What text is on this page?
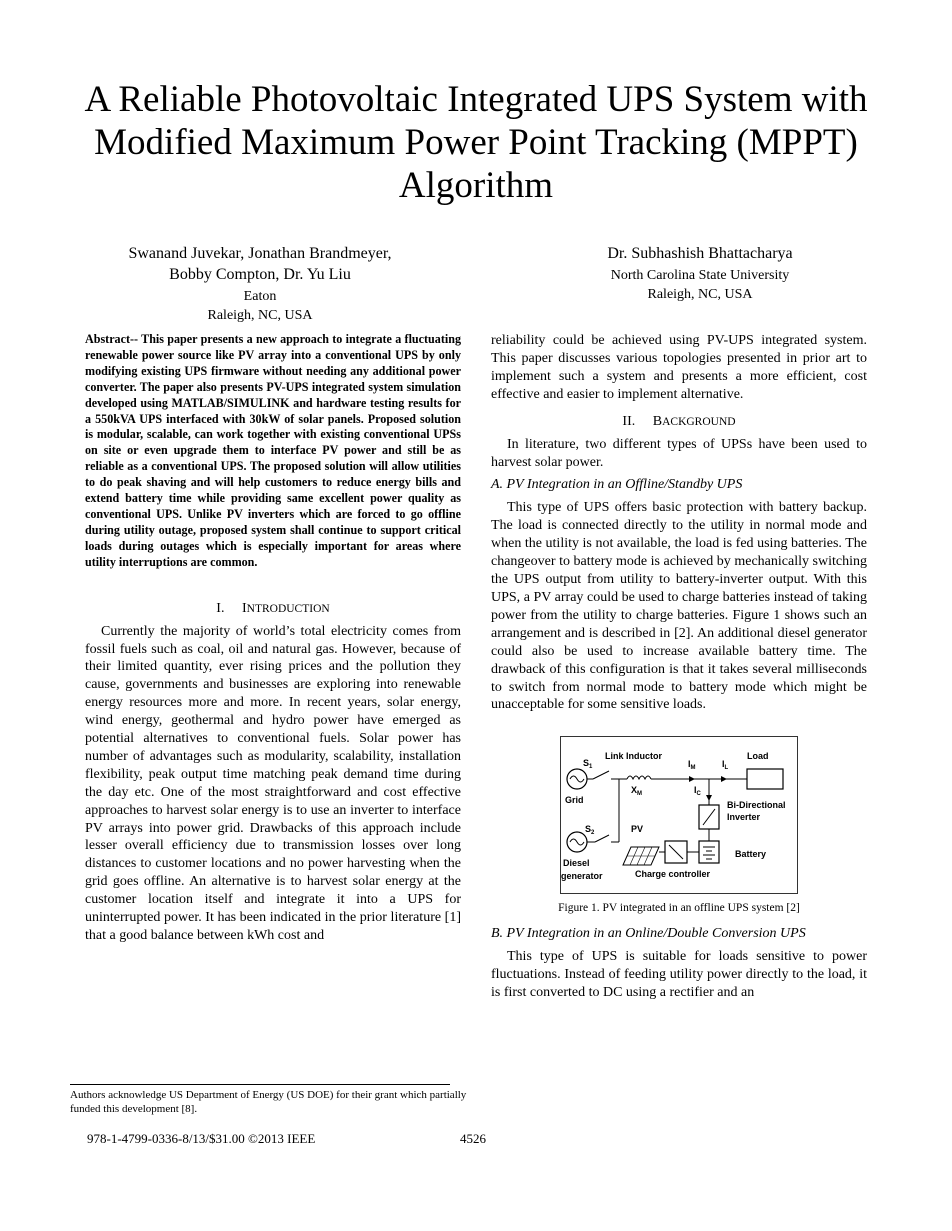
A Reliable Photovoltaic Integrated UPS System with
Modified Maximum Power Point Tracking (MPPT)
Algorithm
Swanand Juvekar, Jonathan Brandmeyer,
Bobby Compton, Dr. Yu Liu
Eaton
Raleigh, NC, USA
Dr. Subhashish Bhattacharya
North Carolina State University
Raleigh, NC, USA

Abstract-- This paper presents a new approach to integrate a fluctuating renewable power source like PV array into a conventional UPS by only modifying existing UPS firmware without needing any additional power converter. The paper also presents PV-UPS integrated system simulation developed using MATLAB/SIMULINK and hardware testing results for a 550kVA UPS interfaced with 30kW of solar panels. Proposed solution is modular, scalable, can work together with existing conventional UPSs on site or even upgrade them to interface PV power and still be as reliable as a conventional UPS. The proposed solution will allow utilities to do peak shaving and will help customers to reduce energy bills and extend battery time while providing same excellent power quality as conventional UPS. Unlike PV inverters which are forced to go offline during utility outage, proposed system shall continue to support critical loads during outages which is especially important for areas where utility interruptions are common.

I. INTRODUCTION

Currently the majority of world’s total electricity comes from fossil fuels such as coal, oil and natural gas. However, because of their limited quantity, ever rising prices and the pollution they cause, governments and businesses are exploring into renewable energy resources more and more. In recent years, solar energy, wind energy, geothermal and hydro power have emerged as potential alternatives to conventional fuels. Solar power has number of advantages such as modularity, scalability, installation flexibility, peak output time matching peak demand time during the day etc. One of the most straightforward and cost effective approaches to harvest solar energy is to use an inverter to interface PV arrays into power grid. Drawbacks of this approach include lesser overall efficiency due to transmission losses over long distances to customer locations and no power harvesting when the grid goes offline. An alternative is to harvest solar energy at the customer location itself and integrate it into a UPS for uninterrupted power. It has been indicated in the prior literature [1] that a good balance between kWh cost and

reliability could be achieved using PV-UPS integrated system. This paper discusses various topologies presented in prior art to implement such a system and presents a more efficient, cost effective and easier to implement alternative.

II. BACKGROUND

In literature, two different types of UPSs have been used to harvest solar power.

A. PV Integration in an Offline/Standby UPS

This type of UPS offers basic protection with battery backup. The load is connected directly to the utility in normal mode and when the utility is not available, the load is fed using batteries. The changeover to battery mode is achieved by mechanically switching the UPS output from utility to battery-inverter output. With this UPS, a PV array could be used to charge batteries instead of taking power from the utility to charge batteries. Figure 1 shows such an arrangement and is described in [2]. An additional diesel generator could also be used to increase available battery time. The drawback of this configuration is that it takes several milliseconds to switch from normal mode to battery mode which might be unacceptable for some sensitive loads.

$S_1$
Link Inductor
$I_M$	$I_L$
Load
$X_M$	$I_C$
Grid	Bi-Directional
Inverter
$S_2$	PV
Battery
Diesel
generator	Charge controller
Figure 1. PV integrated in an offline UPS system [2]
B. PV Integration in an Online/Double Conversion UPS

This type of UPS is suitable for loads sensitive to power fluctuations. Instead of feeding utility power directly to the load, it is first converted to DC using a rectifier and an

Authors acknowledge US Department of Energy (US DOE) for their grant which partially funded this development [8].
978-1-4799-0336-8/13/$31.00 ©2013 IEEE	4526
